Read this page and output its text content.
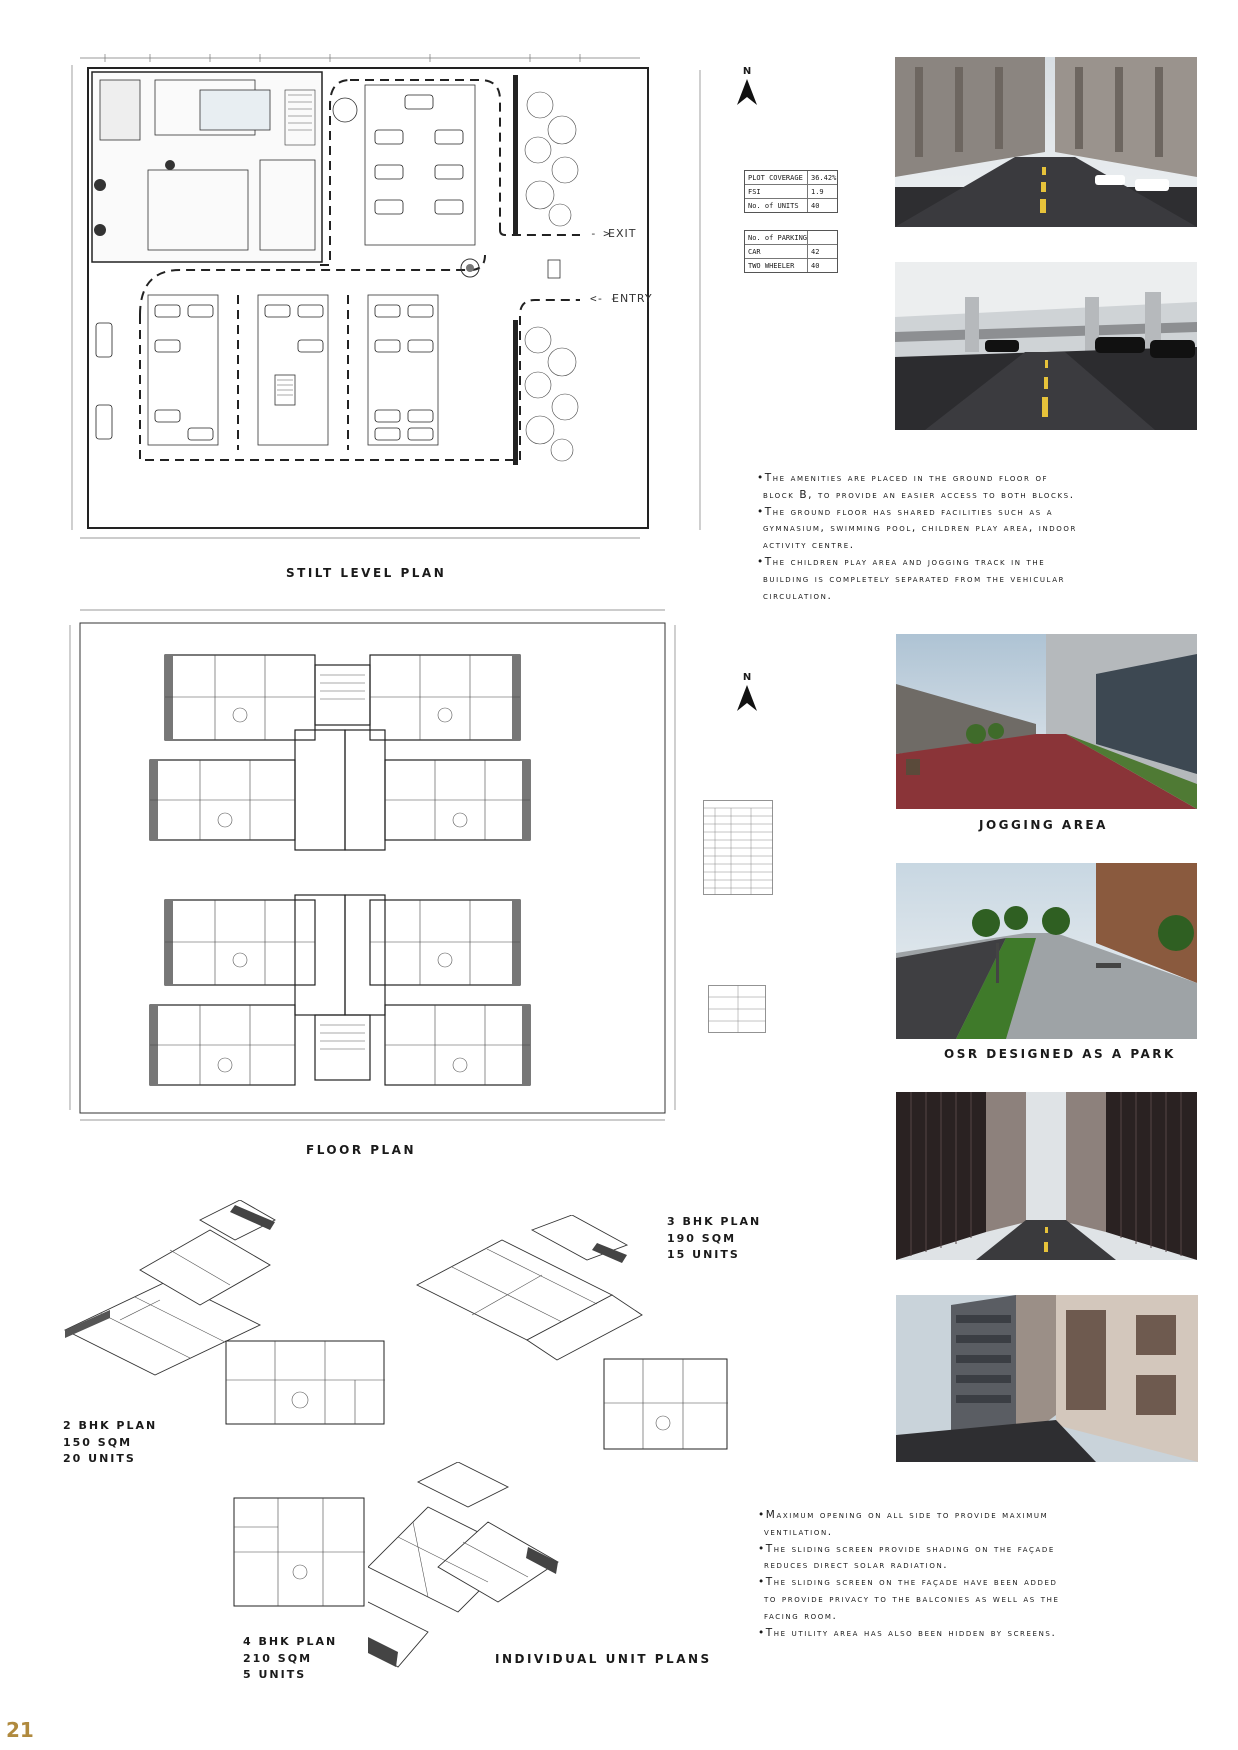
- >
<- -
EXIT
ENTRY
STILT LEVEL PLAN
N
PLOT COVERAGE	36.42%
FSI	1.9
No. of UNITS	40
No. of PARKING
CAR	42
TWO WHEELER	40

•The amenities are placed in the ground floor of

block B, to provide an easier access to both blocks.

•The ground floor has shared facilities such as a

gymnasium, swimming pool, children play area, indoor

activity centre.

•The children play area and jogging track in the

building is completely separated from the vehicular

circulation.

FLOOR PLAN
N
JOGGING AREA
OSR DESIGNED AS A PARK

2 BHK PLAN

150 SQM

20 UNITS

3 BHK PLAN

190 SQM

15 UNITS

4 BHK PLAN

210 SQM

5 UNITS

INDIVIDUAL UNIT PLANS

•Maximum opening on all side to provide maximum

ventilation.

•The sliding screen provide shading on the façade

reduces direct solar radiation.

•The sliding screen on the façade have been added

to provide privacy to the balconies as well as the

facing room.

•The utility area has also been hidden by screens.

21
